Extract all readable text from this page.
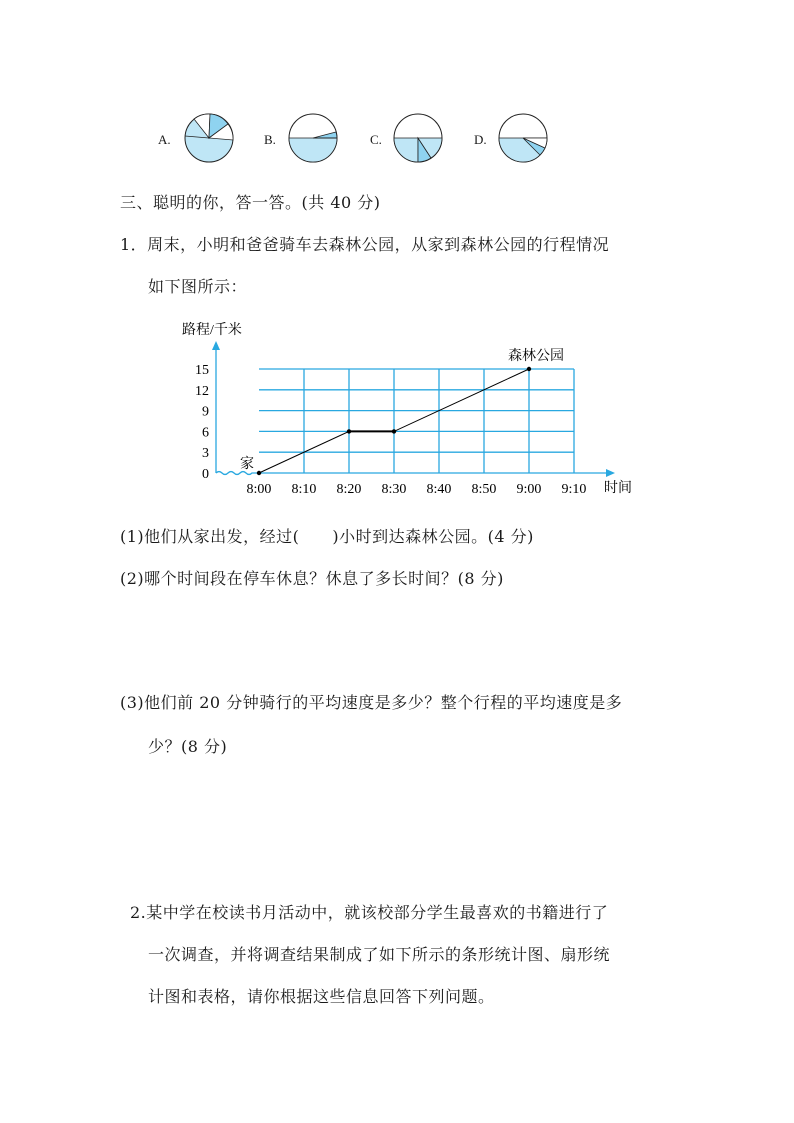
A.	B.	C.	D.
三、聪明的你，答一答。(共 40 分)
1．周末，小明和爸爸骑车去森林公园，从家到森林公园的行程情况
如下图所示：
0
3
6
9
12
15
8:00 8:10 8:20 8:30 8:40 8:50 9:00 9:10
路程/千米
时间
家
森林公园
(1)他们从家出发，经过(　　)小时到达森林公园。(4 分)
(2)哪个时间段在停车休息？休息了多长时间？(8 分)
(3)他们前 20 分钟骑行的平均速度是多少？整个行程的平均速度是多
少？(8 分)
2.某中学在校读书月活动中，就该校部分学生最喜欢的书籍进行了
一次调查，并将调查结果制成了如下所示的条形统计图、扇形统
计图和表格，请你根据这些信息回答下列问题。
